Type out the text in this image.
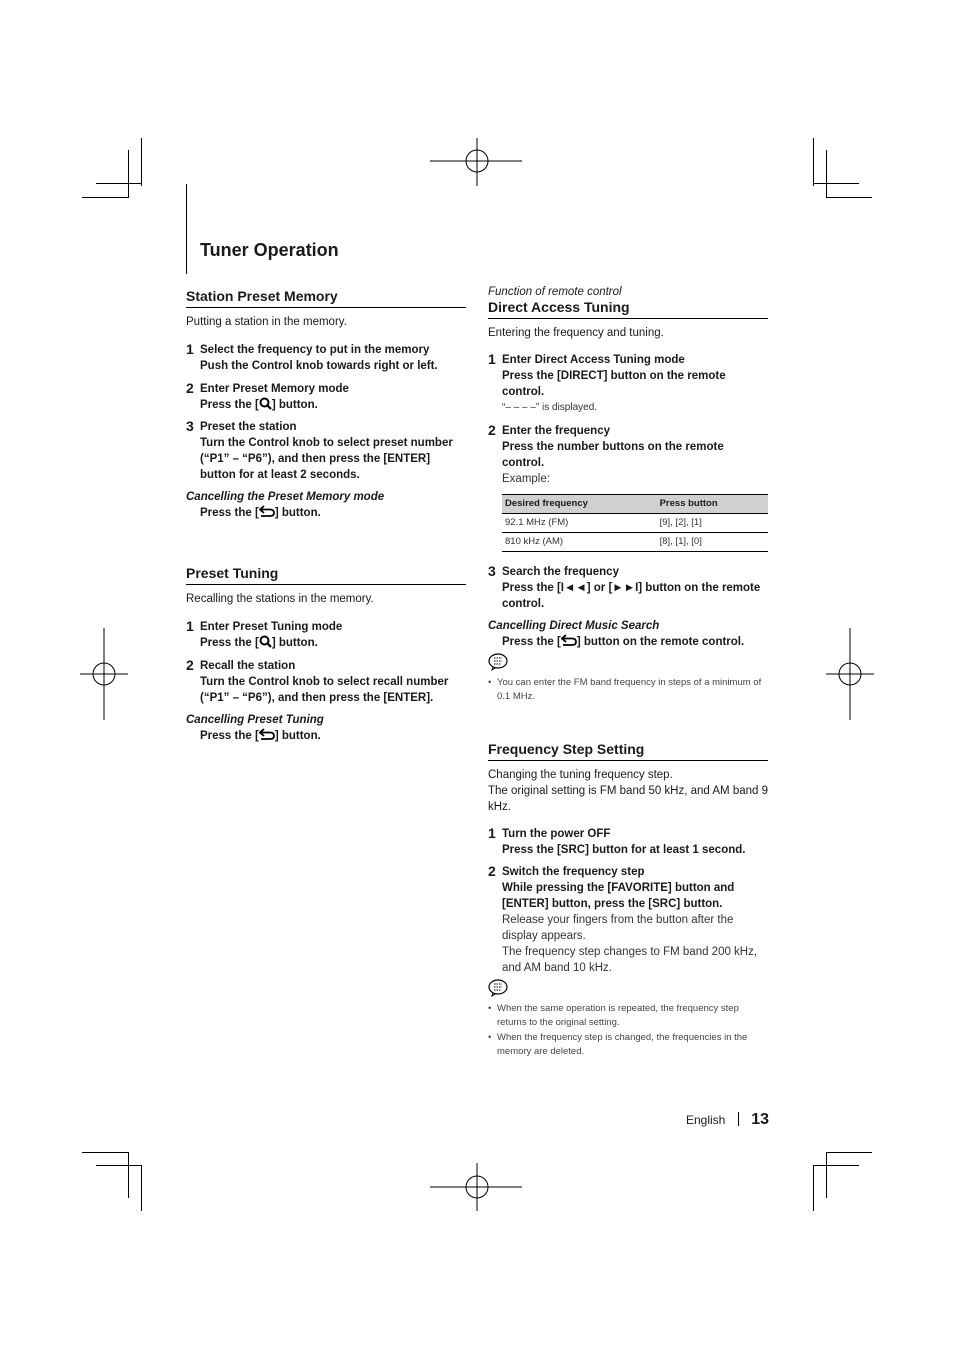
Tuner Operation
Station Preset Memory
Putting a station in the memory.
1 Select the frequency to put in the memory
Push the Control knob towards right or left.
2 Enter Preset Memory mode
Press the [ ] button.
3 Preset the station
Turn the Control knob to select preset number (“P1” – “P6”), and then press the [ENTER] button for at least 2 seconds.
Cancelling the Preset Memory mode
Press the [ ] button.
Preset Tuning
Recalling the stations in the memory.
1 Enter Preset Tuning mode
Press the [ ] button.
2 Recall the station
Turn the Control knob to select recall number (“P1” – “P6”), and then press the [ENTER].
Cancelling Preset Tuning
Press the [ ] button.
Function of remote control
Direct Access Tuning
Entering the frequency and tuning.
1 Enter Direct Access Tuning mode
Press the [DIRECT] button on the remote control.
“– – – –” is displayed.
2 Enter the frequency
Press the number buttons on the remote control.
Example:
Desired frequency	Press button
92.1 MHz (FM)	[9], [2], [1]
810 kHz (AM)	[8], [1], [0]
3 Search the frequency
Press the [I◄◄] or [►►I] button on the remote control.
Cancelling Direct Music Search
Press the [ ] button on the remote control.
• You can enter the FM band frequency in steps of a minimum of 0.1 MHz.
Frequency Step Setting
Changing the tuning frequency step.
The original setting is FM band 50 kHz, and AM band 9 kHz.
1 Turn the power OFF
Press the [SRC] button for at least 1 second.
2 Switch the frequency step
While pressing the [FAVORITE] button and [ENTER] button, press the [SRC] button.
Release your fingers from the button after the display appears.
The frequency step changes to FM band 200 kHz, and AM band 10 kHz.
• When the same operation is repeated, the frequency step returns to the original setting.
• When the frequency step is changed, the frequencies in the memory are deleted.
English 13
